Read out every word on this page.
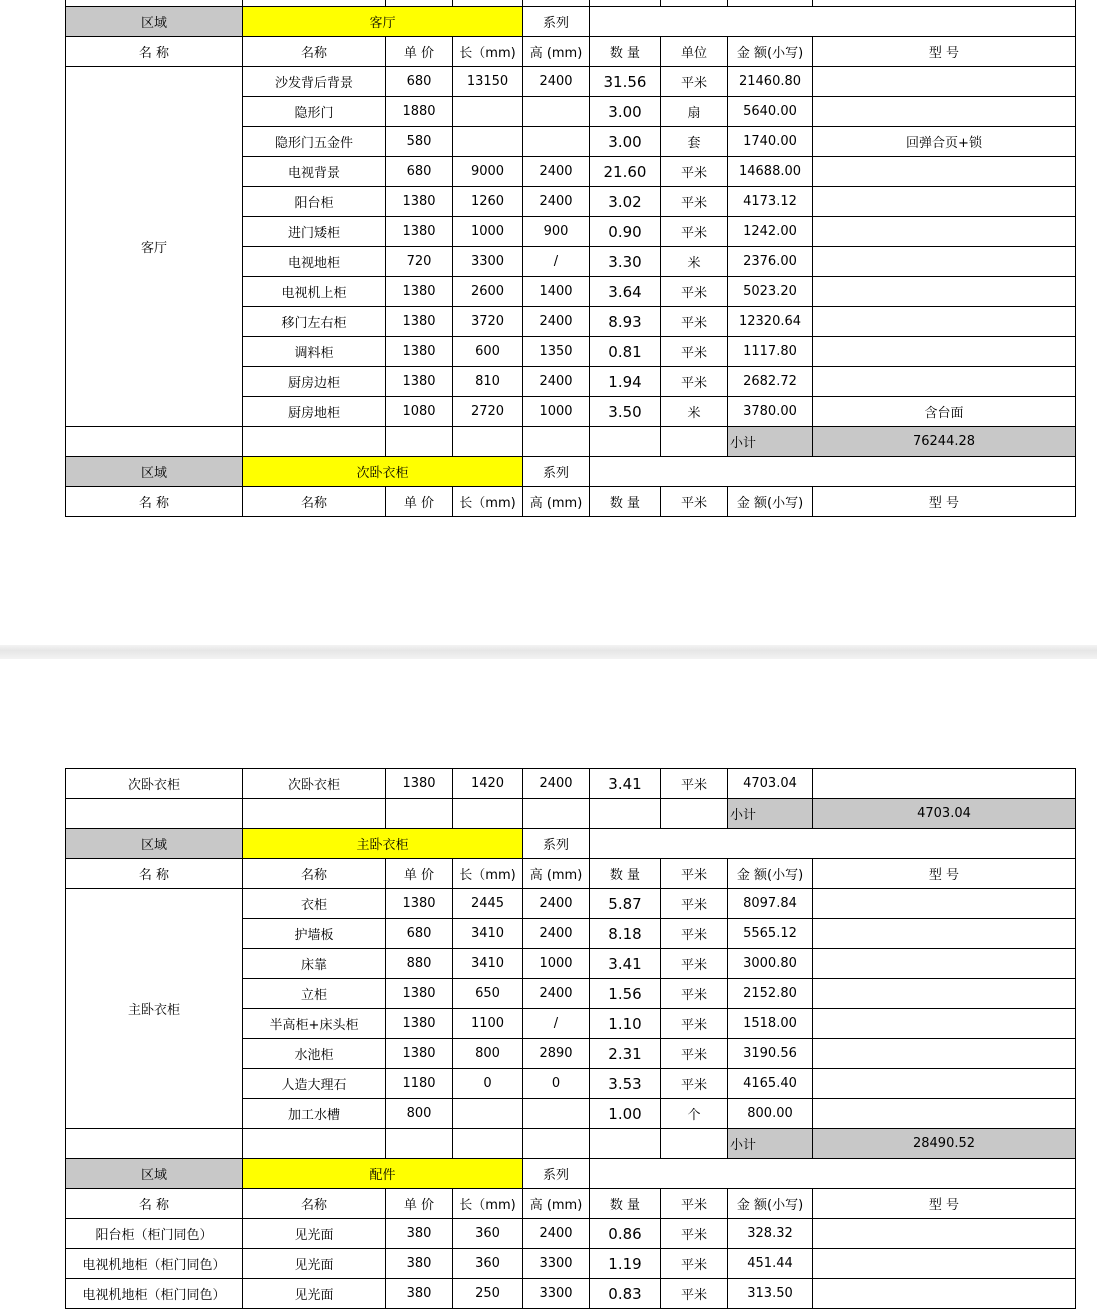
区域	客厅			系列				
名 称	名称	单 价	长（mm)	高 (mm)	数 量	单位	金 额(小写)	型 号
客厅	沙发背后背景	680	13150	2400	31.56	平米	21460.80	
	隐形门	1880			3.00	扇	5640.00	
	隐形门五金件	580			3.00	套	1740.00	回弹合页+锁
	电视背景	680	9000	2400	21.60	平米	14688.00	
	阳台柜	1380	1260	2400	3.02	平米	4173.12	
	进门矮柜	1380	1000	900	0.90	平米	1242.00	
	电视地柜	720	3300	/	3.30	米	2376.00	
	电视机上柜	1380	2600	1400	3.64	平米	5023.20	
	移门左右柜	1380	3720	2400	8.93	平米	12320.64	
	调料柜	1380	600	1350	0.81	平米	1117.80	
	厨房边柜	1380	810	2400	1.94	平米	2682.72	
	厨房地柜	1080	2720	1000	3.50	米	3780.00	含台面
							小计	76244.28
区域	次卧衣柜			系列				
名 称	名称	单 价	长（mm)	高 (mm)	数 量	平米	金 额(小写)	型 号
次卧衣柜	次卧衣柜	1380	1420	2400	3.41	平米	4703.04	
							小计	4703.04
区域	主卧衣柜			系列				
名 称	名称	单 价	长（mm)	高 (mm)	数 量	平米	金 额(小写)	型 号
主卧衣柜	衣柜	1380	2445	2400	5.87	平米	8097.84	
	护墙板	680	3410	2400	8.18	平米	5565.12	
	床靠	880	3410	1000	3.41	平米	3000.80	
	立柜	1380	650	2400	1.56	平米	2152.80	
	半高柜+床头柜	1380	1100	/	1.10	平米	1518.00	
	水池柜	1380	800	2890	2.31	平米	3190.56	
	人造大理石	1180	0	0	3.53	平米	4165.40	
	加工水槽	800			1.00	个	800.00	
							小计	28490.52
区域	配件			系列				
名 称	名称	单 价	长（mm)	高 (mm)	数 量	平米	金 额(小写)	型 号
阳台柜（柜门同色）	见光面	380	360	2400	0.86	平米	328.32	
电视机地柜（柜门同色）	见光面	380	360	3300	1.19	平米	451.44	
电视机地柜（柜门同色）	见光面	380	250	3300	0.83	平米	313.50	
